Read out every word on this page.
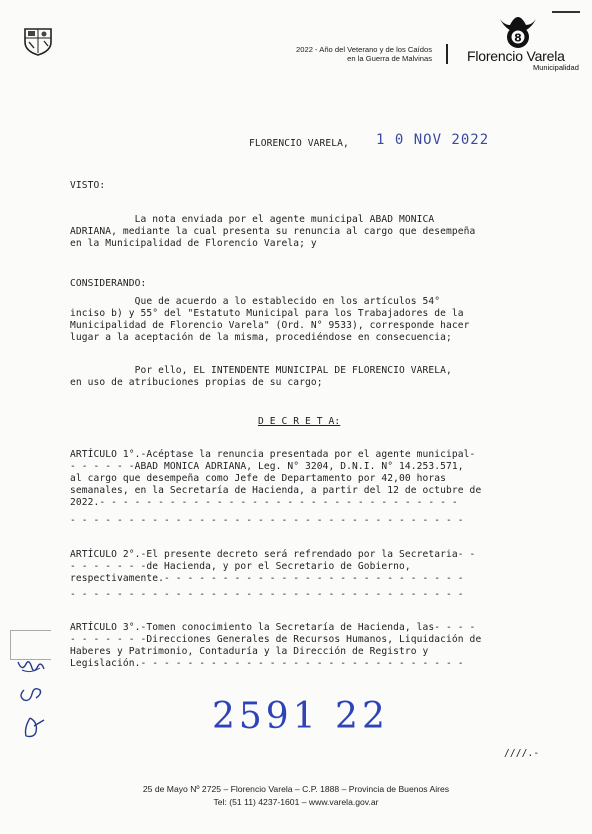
2022 - Año del Veterano y de los Caídos
en la Guerra de Malvinas
8
Florencio Varela
Municipalidad
FLORENCIO VARELA, 1 0 NOV 2022
VISTO:
La nota enviada por el agente municipal ABAD MONICA
ADRIANA, mediante la cual presenta su renuncia al cargo que desempeña
en la Municipalidad de Florencio Varela; y
CONSIDERANDO:
Que de acuerdo a lo establecido en los artículos 54°
inciso b) y 55° del "Estatuto Municipal para los Trabajadores de la
Municipalidad de Florencio Varela" (Ord. N° 9533), corresponde hacer
lugar a la aceptación de la misma, procediéndose en consecuencia;
Por ello, EL INTENDENTE MUNICIPAL DE FLORENCIO VARELA,
en uso de atribuciones propias de su cargo;
D E C R E T A:
ARTÍCULO 1°.-Acéptase la renuncia presentada por el agente municipal-
- - - - - -ABAD MONICA ADRIANA, Leg. N° 3204, D.N.I. N° 14.253.571,
al cargo que desempeña como Jefe de Departamento por 42,00 horas
semanales, en la Secretaría de Hacienda, a partir del 12 de octubre de
2022.- - - - - - - - - - - - - - - - - - - - - - - - - - - - - - -
- - - - - - - - - - - - - - - - - - - - - - - - - - - - - - - - - -
ARTÍCULO 2°.-El presente decreto será refrendado por la Secretaria- -
- - - - - - -de Hacienda, y por el Secretario de Gobierno,
respectivamente.- - - - - - - - - - - - - - - - - - - - - - - - - -
- - - - - - - - - - - - - - - - - - - - - - - - - - - - - - - - - -
ARTÍCULO 3°.-Tomen conocimiento la Secretaría de Hacienda, las- - - -
- - - - - - -Direcciones Generales de Recursos Humanos, Liquidación de
Haberes y Patrimonio, Contaduría y la Dirección de Registro y
Legislación.- - - - - - - - - - - - - - - - - - - - - - - - - - - -
2591 22
////.-
25 de Mayo Nº 2725 – Florencio Varela – C.P. 1888 – Provincia de Buenos Aires
Tel: (51 11) 4237-1601 – www.varela.gov.ar
